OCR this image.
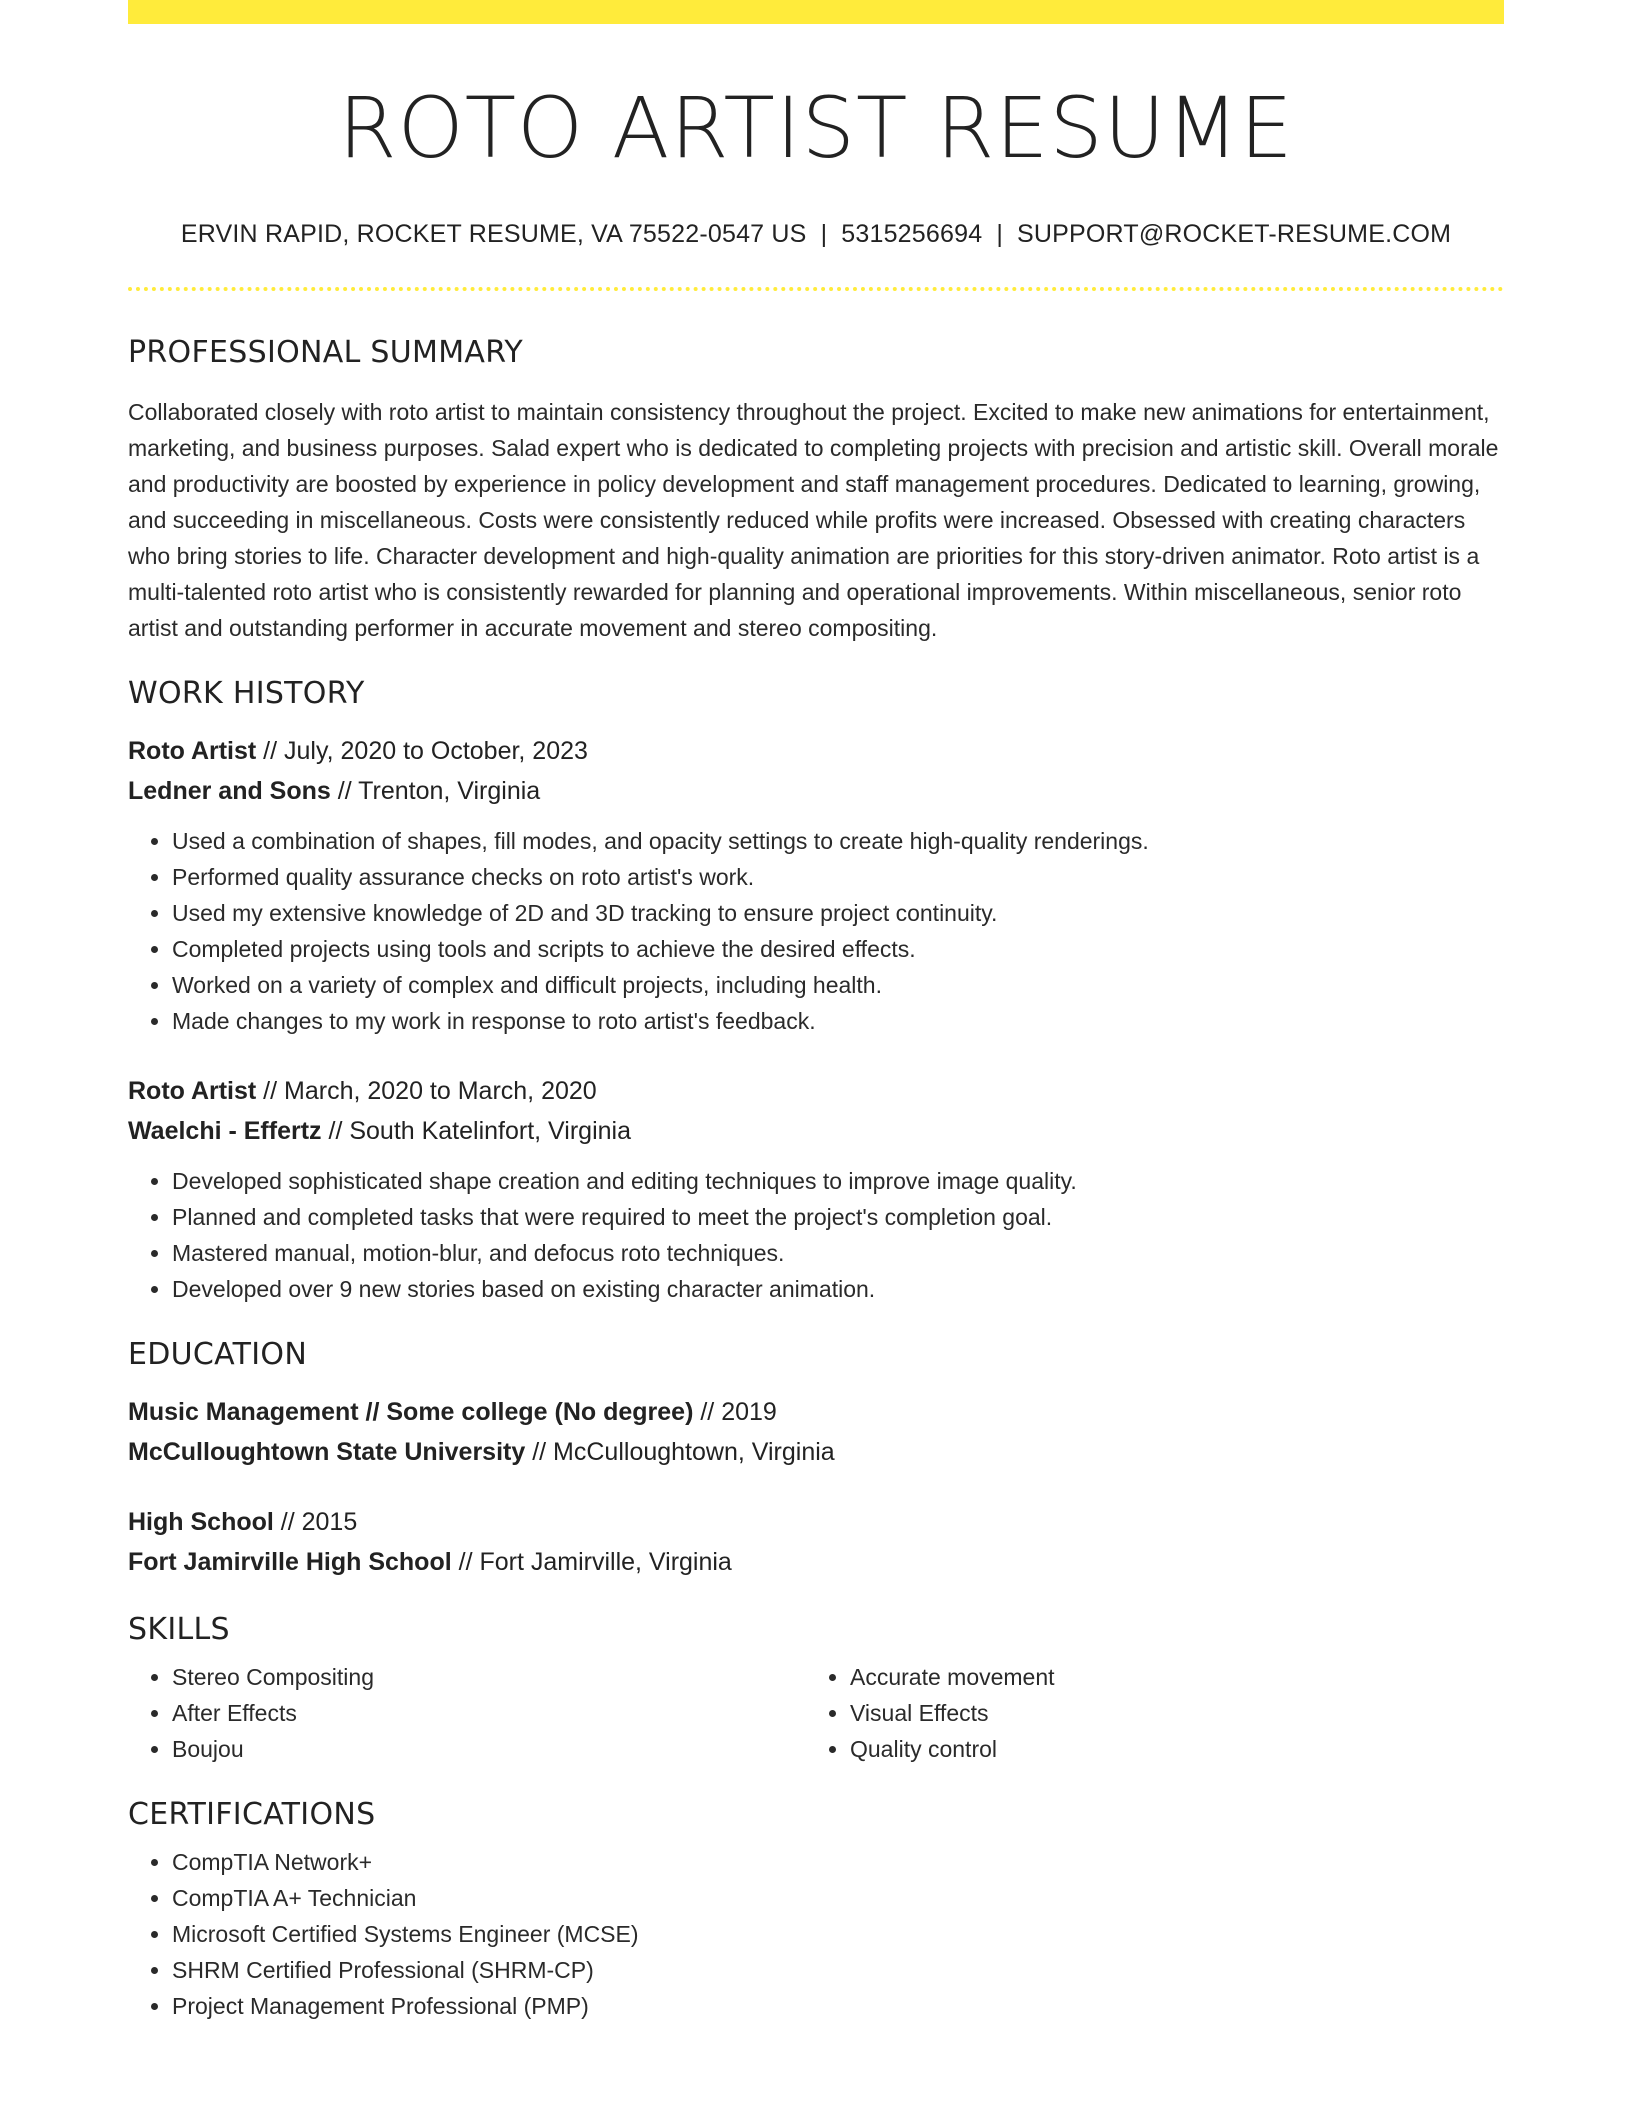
ROTO ARTIST RESUME
ERVIN RAPID, ROCKET RESUME, VA 75522-0547 US | 5315256694 | SUPPORT@ROCKET-RESUME.COM
PROFESSIONAL SUMMARY
Collaborated closely with roto artist to maintain consistency throughout the project. Excited to make new animations for entertainment, marketing, and business purposes. Salad expert who is dedicated to completing projects with precision and artistic skill. Overall morale and productivity are boosted by experience in policy development and staff management procedures. Dedicated to learning, growing, and succeeding in miscellaneous. Costs were consistently reduced while profits were increased. Obsessed with creating characters who bring stories to life. Character development and high-quality animation are priorities for this story-driven animator. Roto artist is a multi-talented roto artist who is consistently rewarded for planning and operational improvements. Within miscellaneous, senior roto artist and outstanding performer in accurate movement and stereo compositing.
WORK HISTORY
Roto Artist // July, 2020 to October, 2023
Ledner and Sons // Trenton, Virginia
• Used a combination of shapes, fill modes, and opacity settings to create high-quality renderings.
• Performed quality assurance checks on roto artist's work.
• Used my extensive knowledge of 2D and 3D tracking to ensure project continuity.
• Completed projects using tools and scripts to achieve the desired effects.
• Worked on a variety of complex and difficult projects, including health.
• Made changes to my work in response to roto artist's feedback.
Roto Artist // March, 2020 to March, 2020
Waelchi - Effertz // South Katelinfort, Virginia
• Developed sophisticated shape creation and editing techniques to improve image quality.
• Planned and completed tasks that were required to meet the project's completion goal.
• Mastered manual, motion-blur, and defocus roto techniques.
• Developed over 9 new stories based on existing character animation.
EDUCATION
Music Management // Some college (No degree) // 2019
McCulloughtown State University // McCulloughtown, Virginia
High School // 2015
Fort Jamirville High School // Fort Jamirville, Virginia
SKILLS
• Stereo Compositing
• After Effects
• Boujou
• Accurate movement
• Visual Effects
• Quality control
CERTIFICATIONS
• CompTIA Network+
• CompTIA A+ Technician
• Microsoft Certified Systems Engineer (MCSE)
• SHRM Certified Professional (SHRM-CP)
• Project Management Professional (PMP)
